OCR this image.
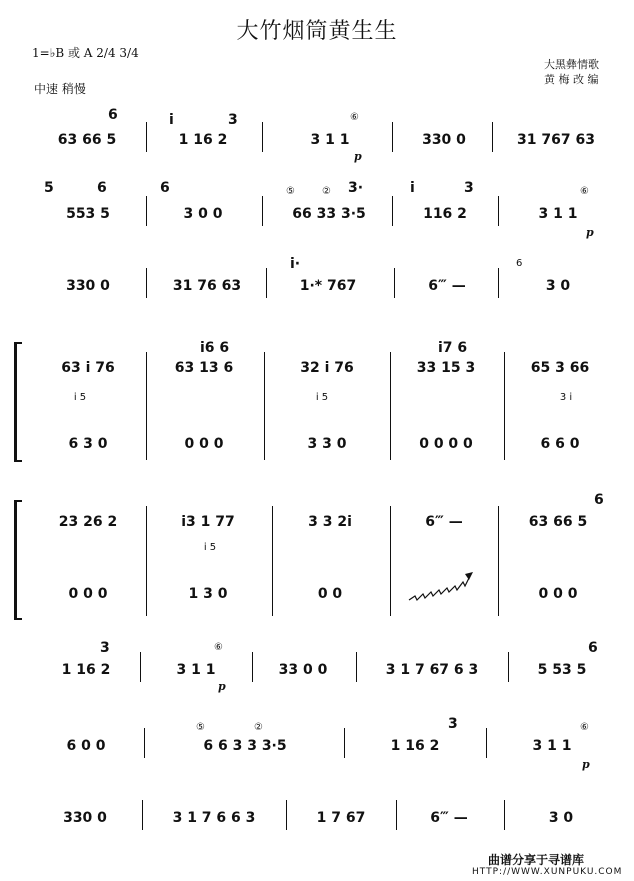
大竹烟筒黄生生
1=♭B 或 A 2/4 3/4
中速 稍慢
大黑彝情歌
黄 梅 改 编
6	i	3	⑥
63 66 5	1 16 2	3 1 1
p
330 0	31 767 63
5	6	6	⑤	② 3·	i	3	⑥
553 5	3 0 0	66 33 3·5	116 2	3 1 1
p
i·	6
330 0	31 76 63	1·* 767	6‴ —	3 0
i6 6	i7 6
63 i 76	63 13 6	32 i 76	33 15 3	65 3 66
i 5	i 5	3 i
6 3 0	0 0 0	3 3 0	0 0 0 0	6 6 0
6
23 26 2	i3 1 77	3 3 2i	6‴ —	63 66 5
i 5
0 0 0	1 3 0	0 0	0 0 0
3	⑥	6
1 16 2	3 1 1
p
33 0 0	3 1 7 67 6 3	5 53 5
⑤	②	3	⑥
6 0 0	6 6 3 3 3·5	1 16 2	3 1 1
p
330 0	3 1 7 6 6 3	1 7 67	6‴ —	3 0
曲谱分享于寻谱库
HTTP://WWW.XUNPUKU.COM
